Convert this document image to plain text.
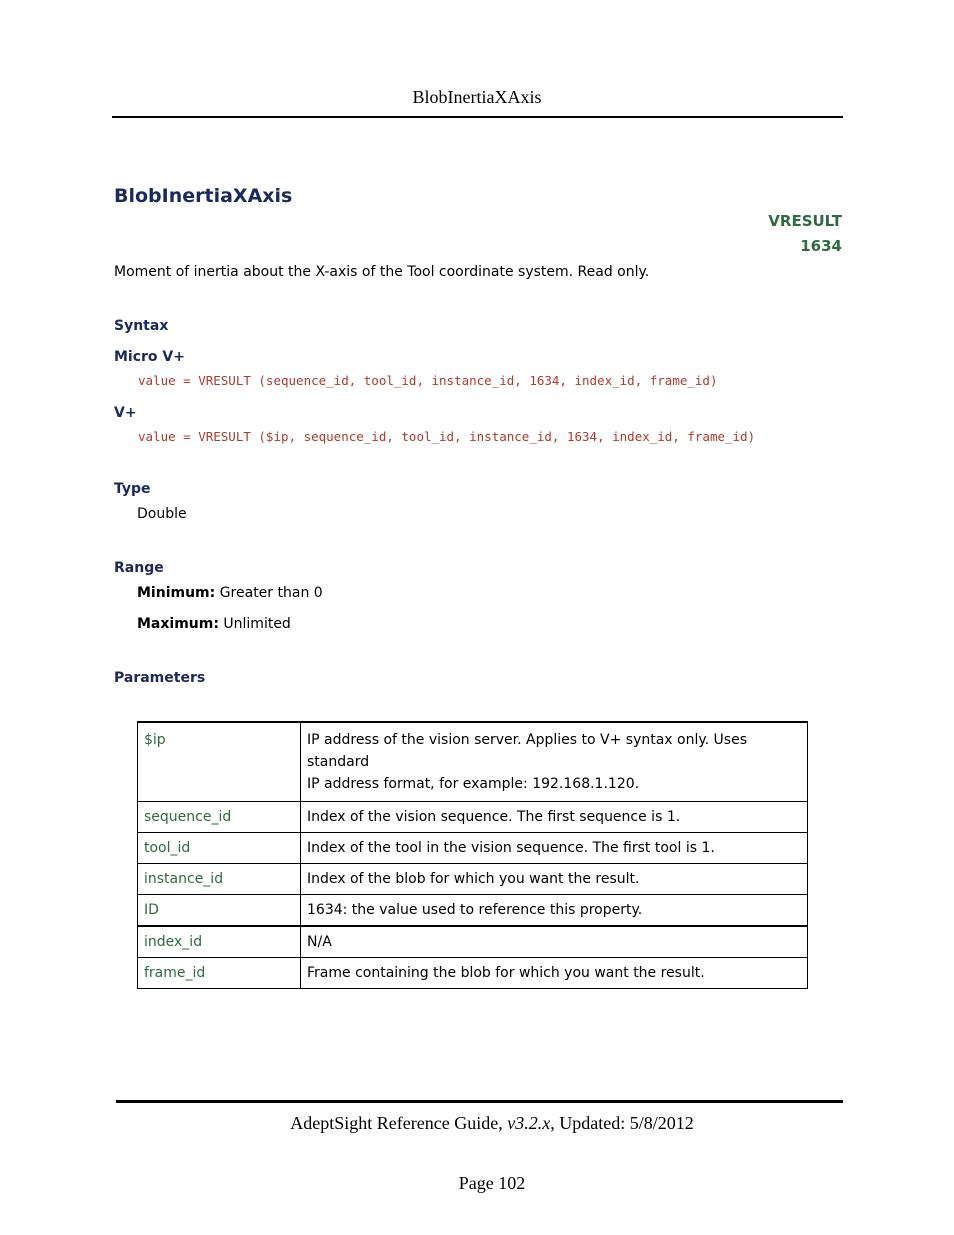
BlobInertiaXAxis
BlobInertiaXAxis
VRESULT
1634
Moment of inertia about the X-axis of the Tool coordinate system. Read only.
Syntax
Micro V+
value = VRESULT (sequence_id, tool_id, instance_id, 1634, index_id, frame_id)
V+
value = VRESULT ($ip, sequence_id, tool_id, instance_id, 1634, index_id, frame_id)
Type
Double
Range
Minimum: Greater than 0
Maximum: Unlimited
Parameters
$ip	IP address of the vision server. Applies to V+ syntax only. Uses standard
IP address format, for example: 192.168.1.120.

sequence_id	Index of the vision sequence. The first sequence is 1.
tool_id	Index of the tool in the vision sequence. The first tool is 1.
instance_id	Index of the blob for which you want the result.
ID	1634: the value used to reference this property.
index_id	N/A
frame_id	Frame containing the blob for which you want the result.
AdeptSight Reference Guide, v3.2.x, Updated: 5/8/2012
Page 102
